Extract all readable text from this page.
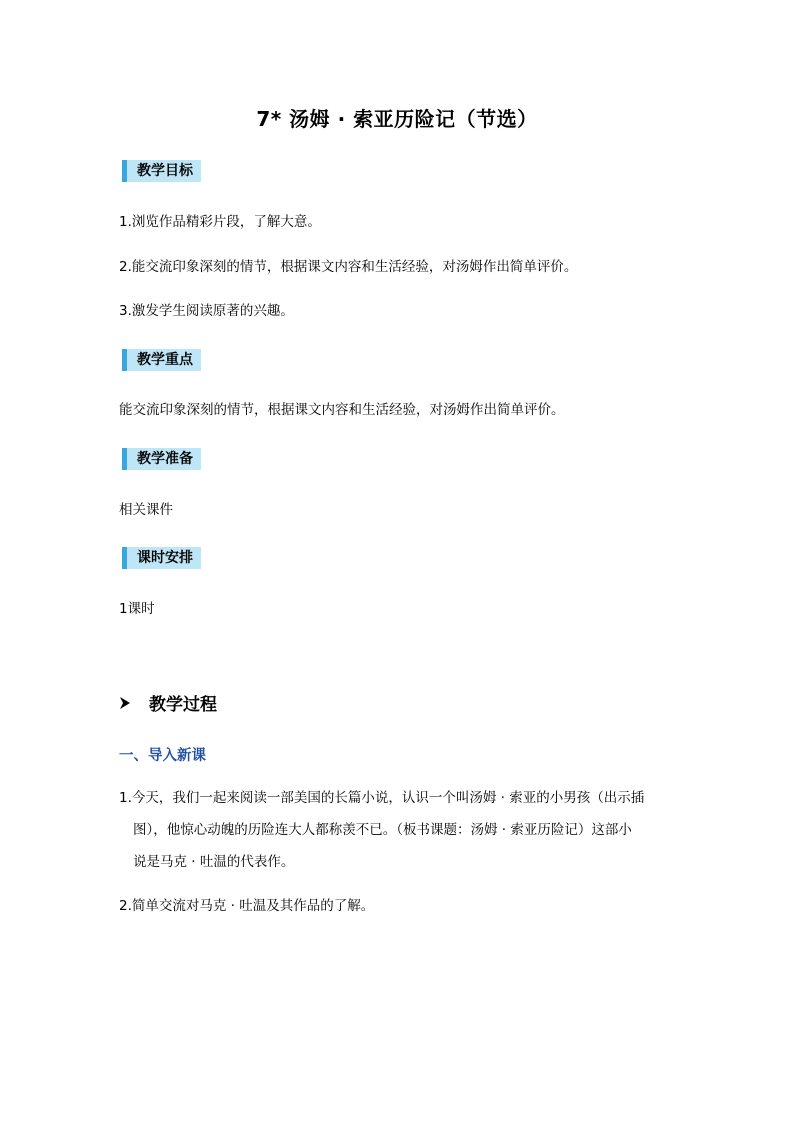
7* 汤姆 · 索亚历险记（节选）
教学目标
1.浏览作品精彩片段，了解大意。
2.能交流印象深刻的情节，根据课文内容和生活经验，对汤姆作出简单评价。
3.激发学生阅读原著的兴趣。
教学重点
能交流印象深刻的情节，根据课文内容和生活经验，对汤姆作出简单评价。
教学准备
相关课件
课时安排
1课时
教学过程
一、导入新课
1.今天，我们一起来阅读一部美国的长篇小说，认识一个叫汤姆 · 索亚的小男孩（出示插
图），他惊心动魄的历险连大人都称羡不已。（板书课题：汤姆 · 索亚历险记）这部小
说是马克 · 吐温的代表作。
2.简单交流对马克 · 吐温及其作品的了解。
